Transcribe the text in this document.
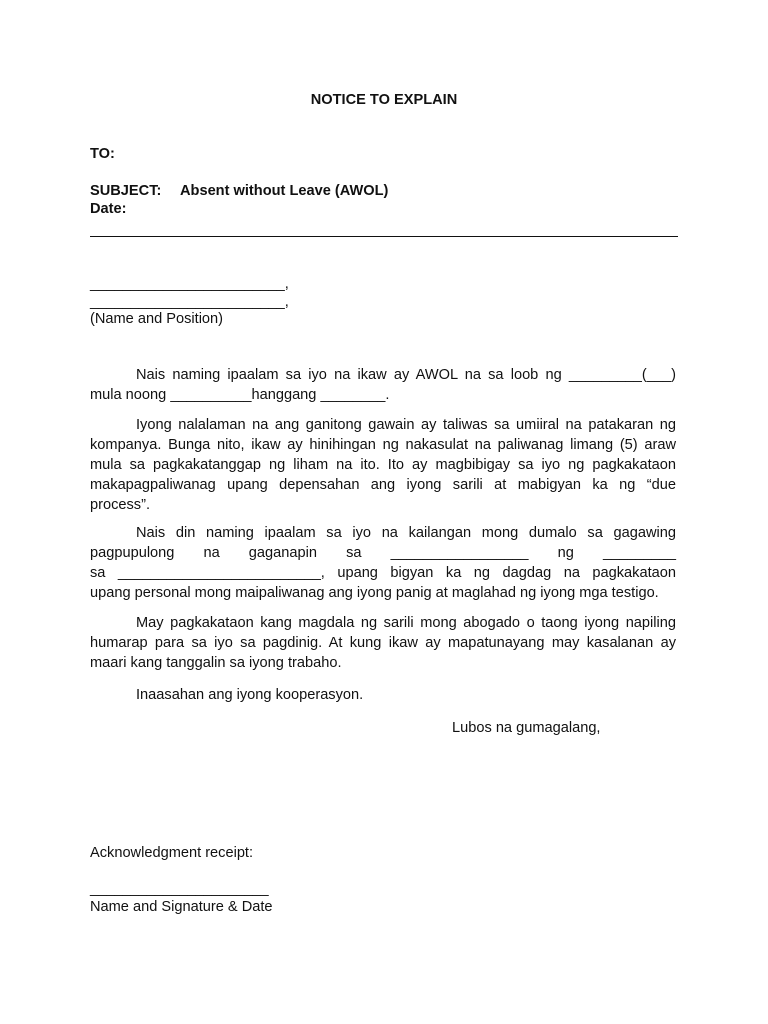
NOTICE TO EXPLAIN
TO:
SUBJECT: Absent without Leave (AWOL)
Date:
________________________,
________________________,
(Name and Position)
Nais naming ipaalam sa iyo na ikaw ay AWOL na sa loob ng _________(___)
mula noong __________hanggang ________.
Iyong nalalaman na ang ganitong gawain ay taliwas sa umiiral na patakaran ng
kompanya. Bunga nito, ikaw ay hinihingan ng nakasulat na paliwanag limang (5) araw
mula sa pagkakatanggap ng liham na ito. Ito ay magbibigay sa iyo ng pagkakataon
makapagpaliwanag upang depensahan ang iyong sarili at mabigyan ka ng “due
process”.
Nais din naming ipaalam sa iyo na kailangan mong dumalo sa gagawing
pagpupulong na gaganapin sa _________________ ng _________
sa _________________________, upang bigyan ka ng dagdag na pagkakataon
upang personal mong maipaliwanag ang iyong panig at maglahad ng iyong mga testigo.
May pagkakataon kang magdala ng sarili mong abogado o taong iyong napiling
humarap para sa iyo sa pagdinig. At kung ikaw ay mapatunayang may kasalanan ay
maari kang tanggalin sa iyong trabaho.
Inaasahan ang iyong kooperasyon.
Lubos na gumagalang,
Acknowledgment receipt:
______________________
Name and Signature & Date
